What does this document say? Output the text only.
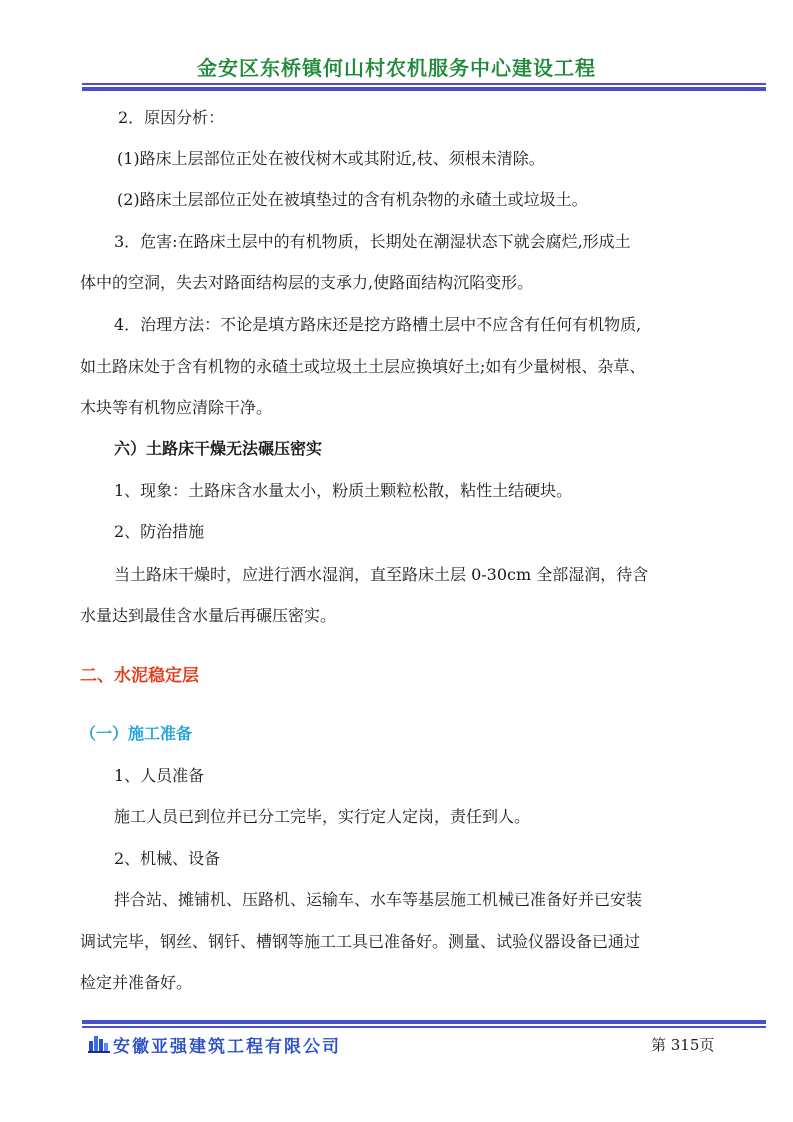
金安区东桥镇何山村农机服务中心建设工程
2．原因分析：
(1)路床上层部位正处在被伐树木或其附近,枝、须根未清除。
(2)路床土层部位正处在被填垫过的含有机杂物的永碴土或垃圾土。
3．危害:在路床土层中的有机物质，长期处在潮湿状态下就会腐烂,形成土
体中的空洞，失去对路面结构层的支承力,使路面结构沉陷变形。
4．治理方法：不论是填方路床还是挖方路槽土层中不应含有任何有机物质,
如土路床处于含有机物的永碴土或垃圾土土层应换填好土;如有少量树根、杂草、
木块等有机物应清除干净。
六）土路床干燥无法碾压密实
1、现象：土路床含水量太小，粉质土颗粒松散，粘性土结硬块。
2、防治措施
当土路床干燥时，应进行洒水湿润，直至路床土层 0-30cm 全部湿润，待含
水量达到最佳含水量后再碾压密实。
二、水泥稳定层
（一）施工准备
1、人员准备
施工人员已到位并已分工完毕，实行定人定岗，责任到人。
2、机械、设备
拌合站、摊铺机、压路机、运输车、水车等基层施工机械已准备好并已安装
调试完毕，钢丝、钢钎、槽钢等施工工具已准备好。测量、试验仪器设备已通过
检定并准备好。
安徽亚强建筑工程有限公司	第 315页
